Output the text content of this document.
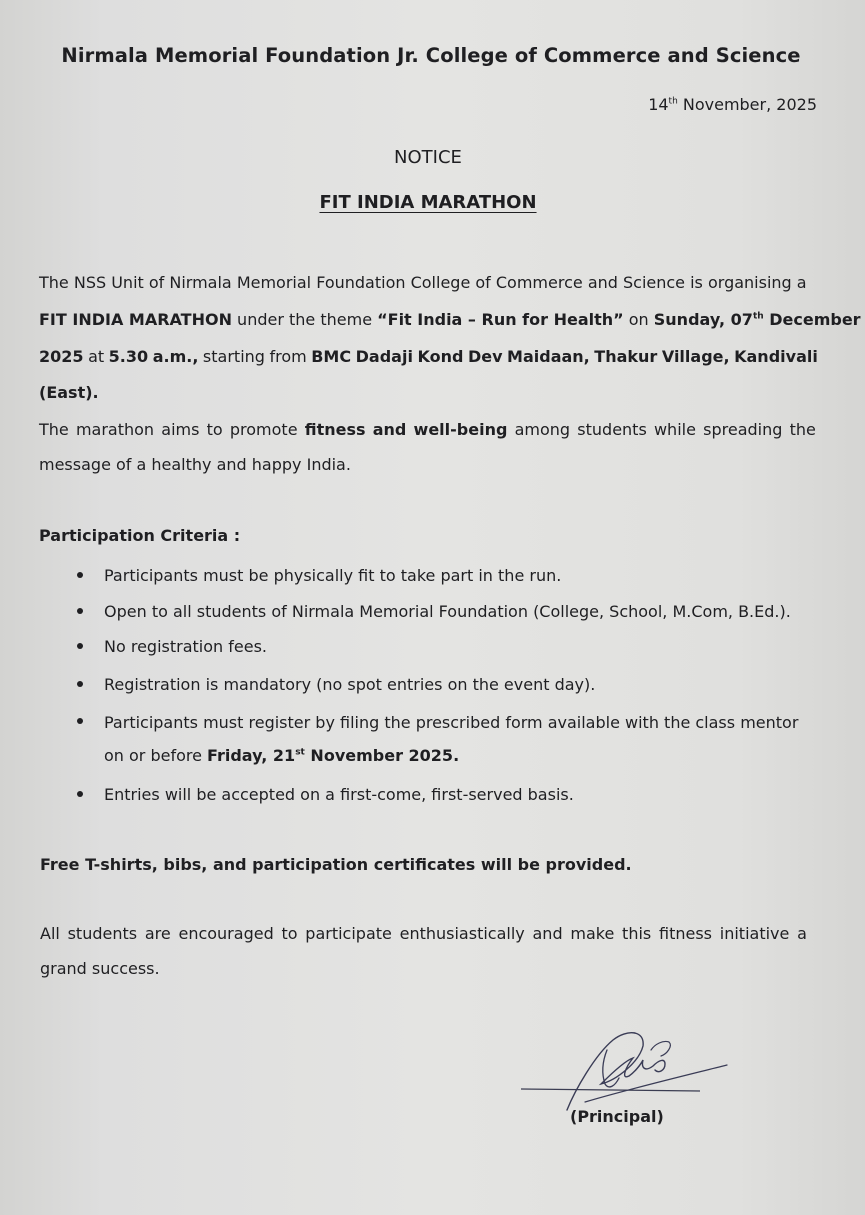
Nirmala Memorial Foundation Jr. College of Commerce and Science
14th November, 2025
NOTICE
FIT INDIA MARATHON
The NSS Unit of Nirmala Memorial Foundation College of Commerce and Science is organising a
FIT INDIA MARATHON under the theme “Fit India – Run for Health” on Sunday, 07th December
2025 at 5.30 a.m., starting from BMC Dadaji Kond Dev Maidaan, Thakur Village, Kandivali
(East).
The marathon aims to promote fitness and well-being among students while spreading the
message of a healthy and happy India.
Participation Criteria :
Participants must be physically fit to take part in the run.
Open to all students of Nirmala Memorial Foundation (College, School, M.Com, B.Ed.).
No registration fees.
Registration is mandatory (no spot entries on the event day).
Participants must register by filing the prescribed form available with the class mentor
on or before Friday, 21st November 2025.
Entries will be accepted on a first-come, first-served basis.
Free T-shirts, bibs, and participation certificates will be provided.
All students are encouraged to participate enthusiastically and make this fitness initiative a
grand success.
(Principal)
